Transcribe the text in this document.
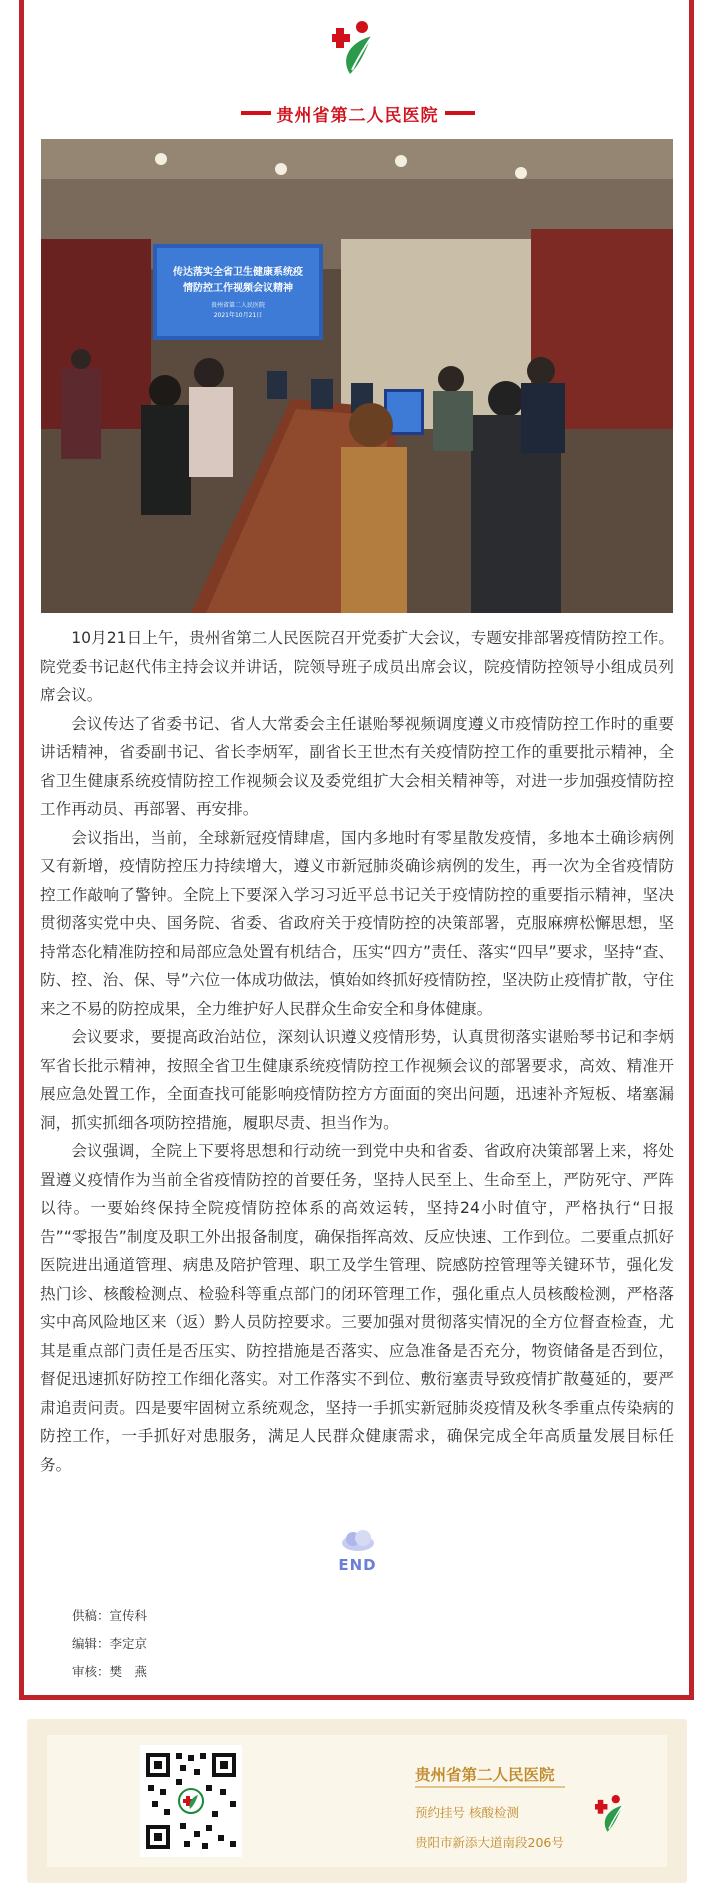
贵州省第二人民医院
传达落实全省卫生健康系统疫
情防控工作视频会议精神
贵州省第二人民医院
2021年10月21日

10月21日上午，贵州省第二人民医院召开党委扩大会议，专题安排部署疫情防控工作。院党委书记赵代伟主持会议并讲话，院领导班子成员出席会议，院疫情防控领导小组成员列席会议。

会议传达了省委书记、省人大常委会主任谌贻琴视频调度遵义市疫情防控工作时的重要讲话精神，省委副书记、省长李炳军，副省长王世杰有关疫情防控工作的重要批示精神，全省卫生健康系统疫情防控工作视频会议及委党组扩大会相关精神等，对进一步加强疫情防控工作再动员、再部署、再安排。

会议指出，当前，全球新冠疫情肆虐，国内多地时有零星散发疫情，多地本土确诊病例又有新增，疫情防控压力持续增大，遵义市新冠肺炎确诊病例的发生，再一次为全省疫情防控工作敲响了警钟。全院上下要深入学习习近平总书记关于疫情防控的重要指示精神，坚决贯彻落实党中央、国务院、省委、省政府关于疫情防控的决策部署，克服麻痹松懈思想，坚持常态化精准防控和局部应急处置有机结合，压实“四方”责任、落实“四早”要求，坚持“查、防、控、治、保、导”六位一体成功做法，慎始如终抓好疫情防控，坚决防止疫情扩散，守住来之不易的防控成果，全力维护好人民群众生命安全和身体健康。

会议要求，要提高政治站位，深刻认识遵义疫情形势，认真贯彻落实谌贻琴书记和李炳军省长批示精神，按照全省卫生健康系统疫情防控工作视频会议的部署要求，高效、精准开展应急处置工作，全面查找可能影响疫情防控方方面面的突出问题，迅速补齐短板、堵塞漏洞，抓实抓细各项防控措施，履职尽责、担当作为。

会议强调，全院上下要将思想和行动统一到党中央和省委、省政府决策部署上来，将处置遵义疫情作为当前全省疫情防控的首要任务，坚持人民至上、生命至上，严防死守、严阵以待。一要始终保持全院疫情防控体系的高效运转，坚持24小时值守，严格执行“日报告”“零报告”制度及职工外出报备制度，确保指挥高效、反应快速、工作到位。二要重点抓好医院进出通道管理、病患及陪护管理、职工及学生管理、院感防控管理等关键环节，强化发热门诊、核酸检测点、检验科等重点部门的闭环管理工作，强化重点人员核酸检测，严格落实中高风险地区来（返）黔人员防控要求。三要加强对贯彻落实情况的全方位督查检查，尤其是重点部门责任是否压实、防控措施是否落实、应急准备是否充分，物资储备是否到位，督促迅速抓好防控工作细化落实。对工作落实不到位、敷衍塞责导致疫情扩散蔓延的，要严肃追责问责。四是要牢固树立系统观念，坚持一手抓实新冠肺炎疫情及秋冬季重点传染病的防控工作，一手抓好对患服务，满足人民群众健康需求，确保完成全年高质量发展目标任务。

END
供稿：宣传科
编辑：李定京
审核：樊　燕
贵州省第二人民医院
预约挂号 核酸检测
贵阳市新添大道南段206号
